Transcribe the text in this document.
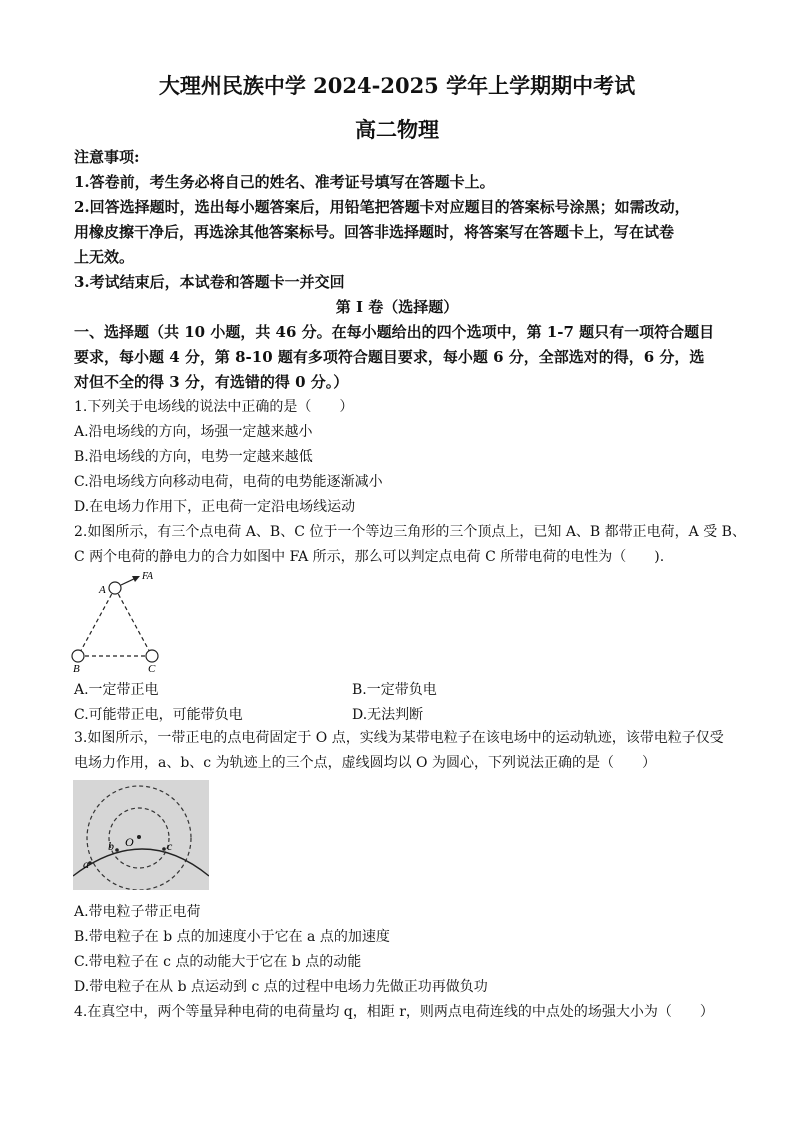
大理州民族中学 2024-2025 学年上学期期中考试
高二物理
注意事项:
1.答卷前，考生务必将自己的姓名、准考证号填写在答题卡上。
2.回答选择题时，选出每小题答案后，用铅笔把答题卡对应题目的答案标号涂黑；如需改动，
用橡皮擦干净后，再选涂其他答案标号。回答非选择题时，将答案写在答题卡上，写在试卷
上无效。
3.考试结束后，本试卷和答题卡一并交回
第 I 卷（选择题）
一、选择题（共 10 小题，共 46 分。在每小题给出的四个选项中，第 1-7 题只有一项符合题目
要求，每小题 4 分，第 8-10 题有多项符合题目要求，每小题 6 分，全部选对的得，6 分，选
对但不全的得 3 分，有选错的得 0 分。）
1.下列关于电场线的说法中正确的是（　　）
A.沿电场线的方向，场强一定越来越小
B.沿电场线的方向，电势一定越来越低
C.沿电场线方向移动电荷，电荷的电势能逐渐减小
D.在电场力作用下，正电荷一定沿电场线运动
2.如图所示，有三个点电荷 A、B、C 位于一个等边三角形的三个顶点上，已知 A、B 都带正电荷，A 受 B、
C 两个电荷的静电力的合力如图中 FA 所示，那么可以判定点电荷 C 所带电荷的电性为（　　).
A
FA
B	C
A.一定带正电	B.一定带负电
C.可能带正电，可能带负电	D.无法判断
3.如图所示，一带正电的点电荷固定于 O 点，实线为某带电粒子在该电场中的运动轨迹，该带电粒子仅受
电场力作用，a、b、c 为轨迹上的三个点，虚线圆均以 O 为圆心，下列说法正确的是（　　）
O
a
b	c
A.带电粒子带正电荷
B.带电粒子在 b 点的加速度小于它在 a 点的加速度
C.带电粒子在 c 点的动能大于它在 b 点的动能
D.带电粒子在从 b 点运动到 c 点的过程中电场力先做正功再做负功
4.在真空中，两个等量异种电荷的电荷量均 q，相距 r，则两点电荷连线的中点处的场强大小为（　　）
